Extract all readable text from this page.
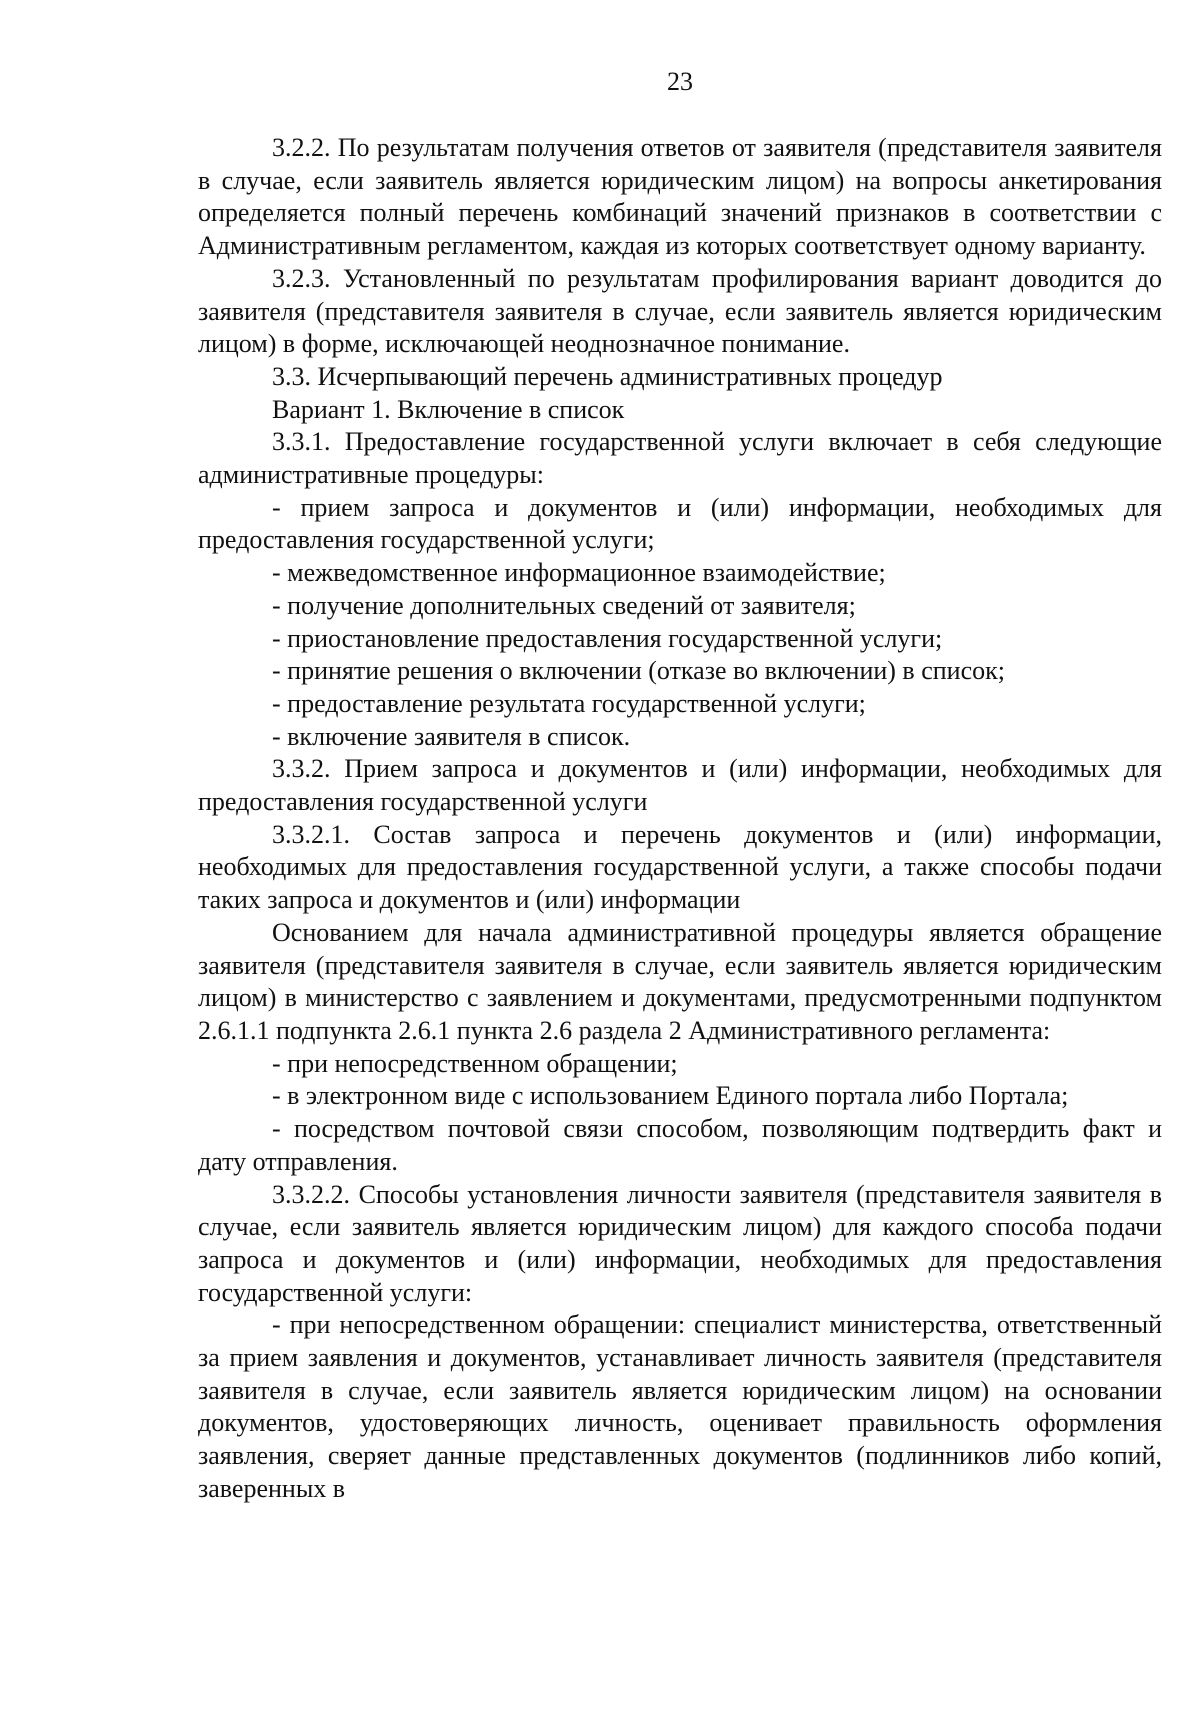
23

3.2.2. По результатам получения ответов от заявителя (представителя заявителя в случае, если заявитель является юридическим лицом) на вопросы анкетирования определяется полный перечень комбинаций значений признаков в соответствии с Административным регламентом, каждая из которых соответствует одному варианту.

3.2.3. Установленный по результатам профилирования вариант доводится до заявителя (представителя заявителя в случае, если заявитель является юридическим лицом) в форме, исключающей неоднозначное понимание.

3.3. Исчерпывающий перечень административных процедур

Вариант 1. Включение в список

3.3.1. Предоставление государственной услуги включает в себя следующие административные процедуры:

- прием запроса и документов и (или) информации, необходимых для предоставления государственной услуги;

- межведомственное информационное взаимодействие;

- получение дополнительных сведений от заявителя;

- приостановление предоставления государственной услуги;

- принятие решения о включении (отказе во включении) в список;

- предоставление результата государственной услуги;

- включение заявителя в список.

3.3.2. Прием запроса и документов и (или) информации, необходимых для предоставления государственной услуги

3.3.2.1. Состав запроса и перечень документов и (или) информации, необходимых для предоставления государственной услуги, а также способы подачи таких запроса и документов и (или) информации

Основанием для начала административной процедуры является обращение заявителя (представителя заявителя в случае, если заявитель является юридическим лицом) в министерство с заявлением и документами, предусмотренными подпунктом 2.6.1.1 подпункта 2.6.1 пункта 2.6 раздела 2 Административного регламента:

- при непосредственном обращении;

- в электронном виде с использованием Единого портала либо Портала;

- посредством почтовой связи способом, позволяющим подтвердить факт и дату отправления.

3.3.2.2. Способы установления личности заявителя (представителя заявителя в случае, если заявитель является юридическим лицом) для каждого способа подачи запроса и документов и (или) информации, необходимых для предоставления государственной услуги:

- при непосредственном обращении: специалист министерства, ответственный за прием заявления и документов, устанавливает личность заявителя (представителя заявителя в случае, если заявитель является юридическим лицом) на основании документов, удостоверяющих личность, оценивает правильность оформления заявления, сверяет данные представленных документов (подлинников либо копий, заверенных в
